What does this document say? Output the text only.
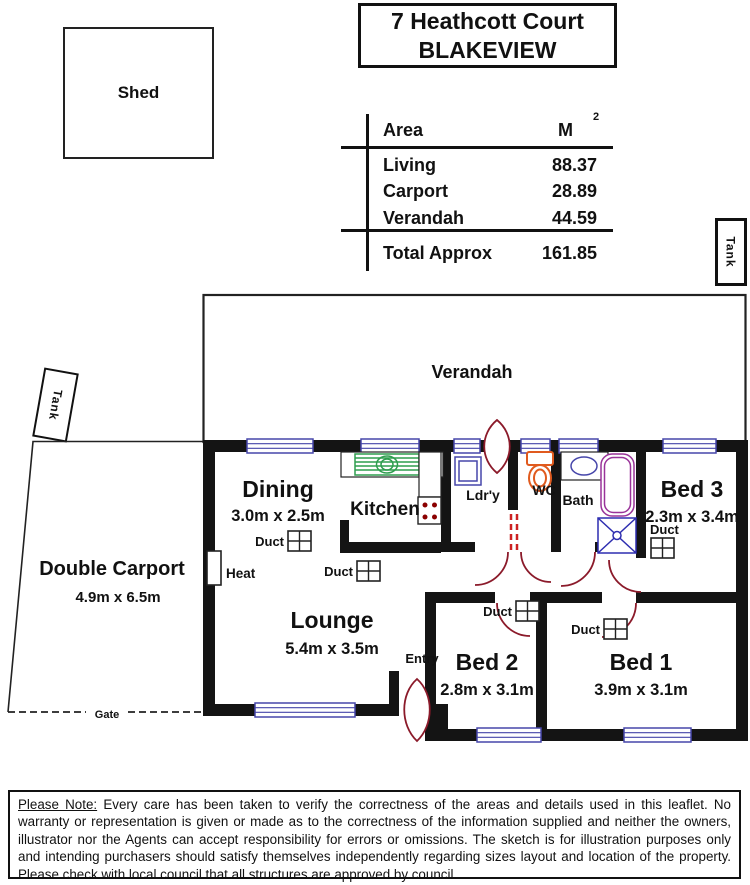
Shed
7 Heathcott Court
BLAKEVIEW
Area	M
2
Living	88.37
Carport	28.89
Verandah	44.59
Total Approx	161.85	Tank
Tank
Gate
Verandah
Dining
3.0m x 2.5m Kitchen
Ldr'y WC
Bath	Bed 3
2.3m x 3.4m
Lounge
5.4m x 3.5m	Bed 2
2.8m x 3.1m
Bed 1
3.9m x 3.1m
Double Carport
4.9m x 6.5m
Duct
Duct
Duct
Duct
Duct
Heat
Entry
Please Note: Every care has been taken to verify the correctness of the areas and details used in this leaflet. No warranty or representation is given or made as to the correctness of the information supplied and neither the owners, illustrator nor the Agents can accept responsibility for errors or omissions. The sketch is for illustration purposes only and intending purchasers should satisfy themselves independently regarding sizes layout and location of the property. Please check with local council that all structures are approved by council.
